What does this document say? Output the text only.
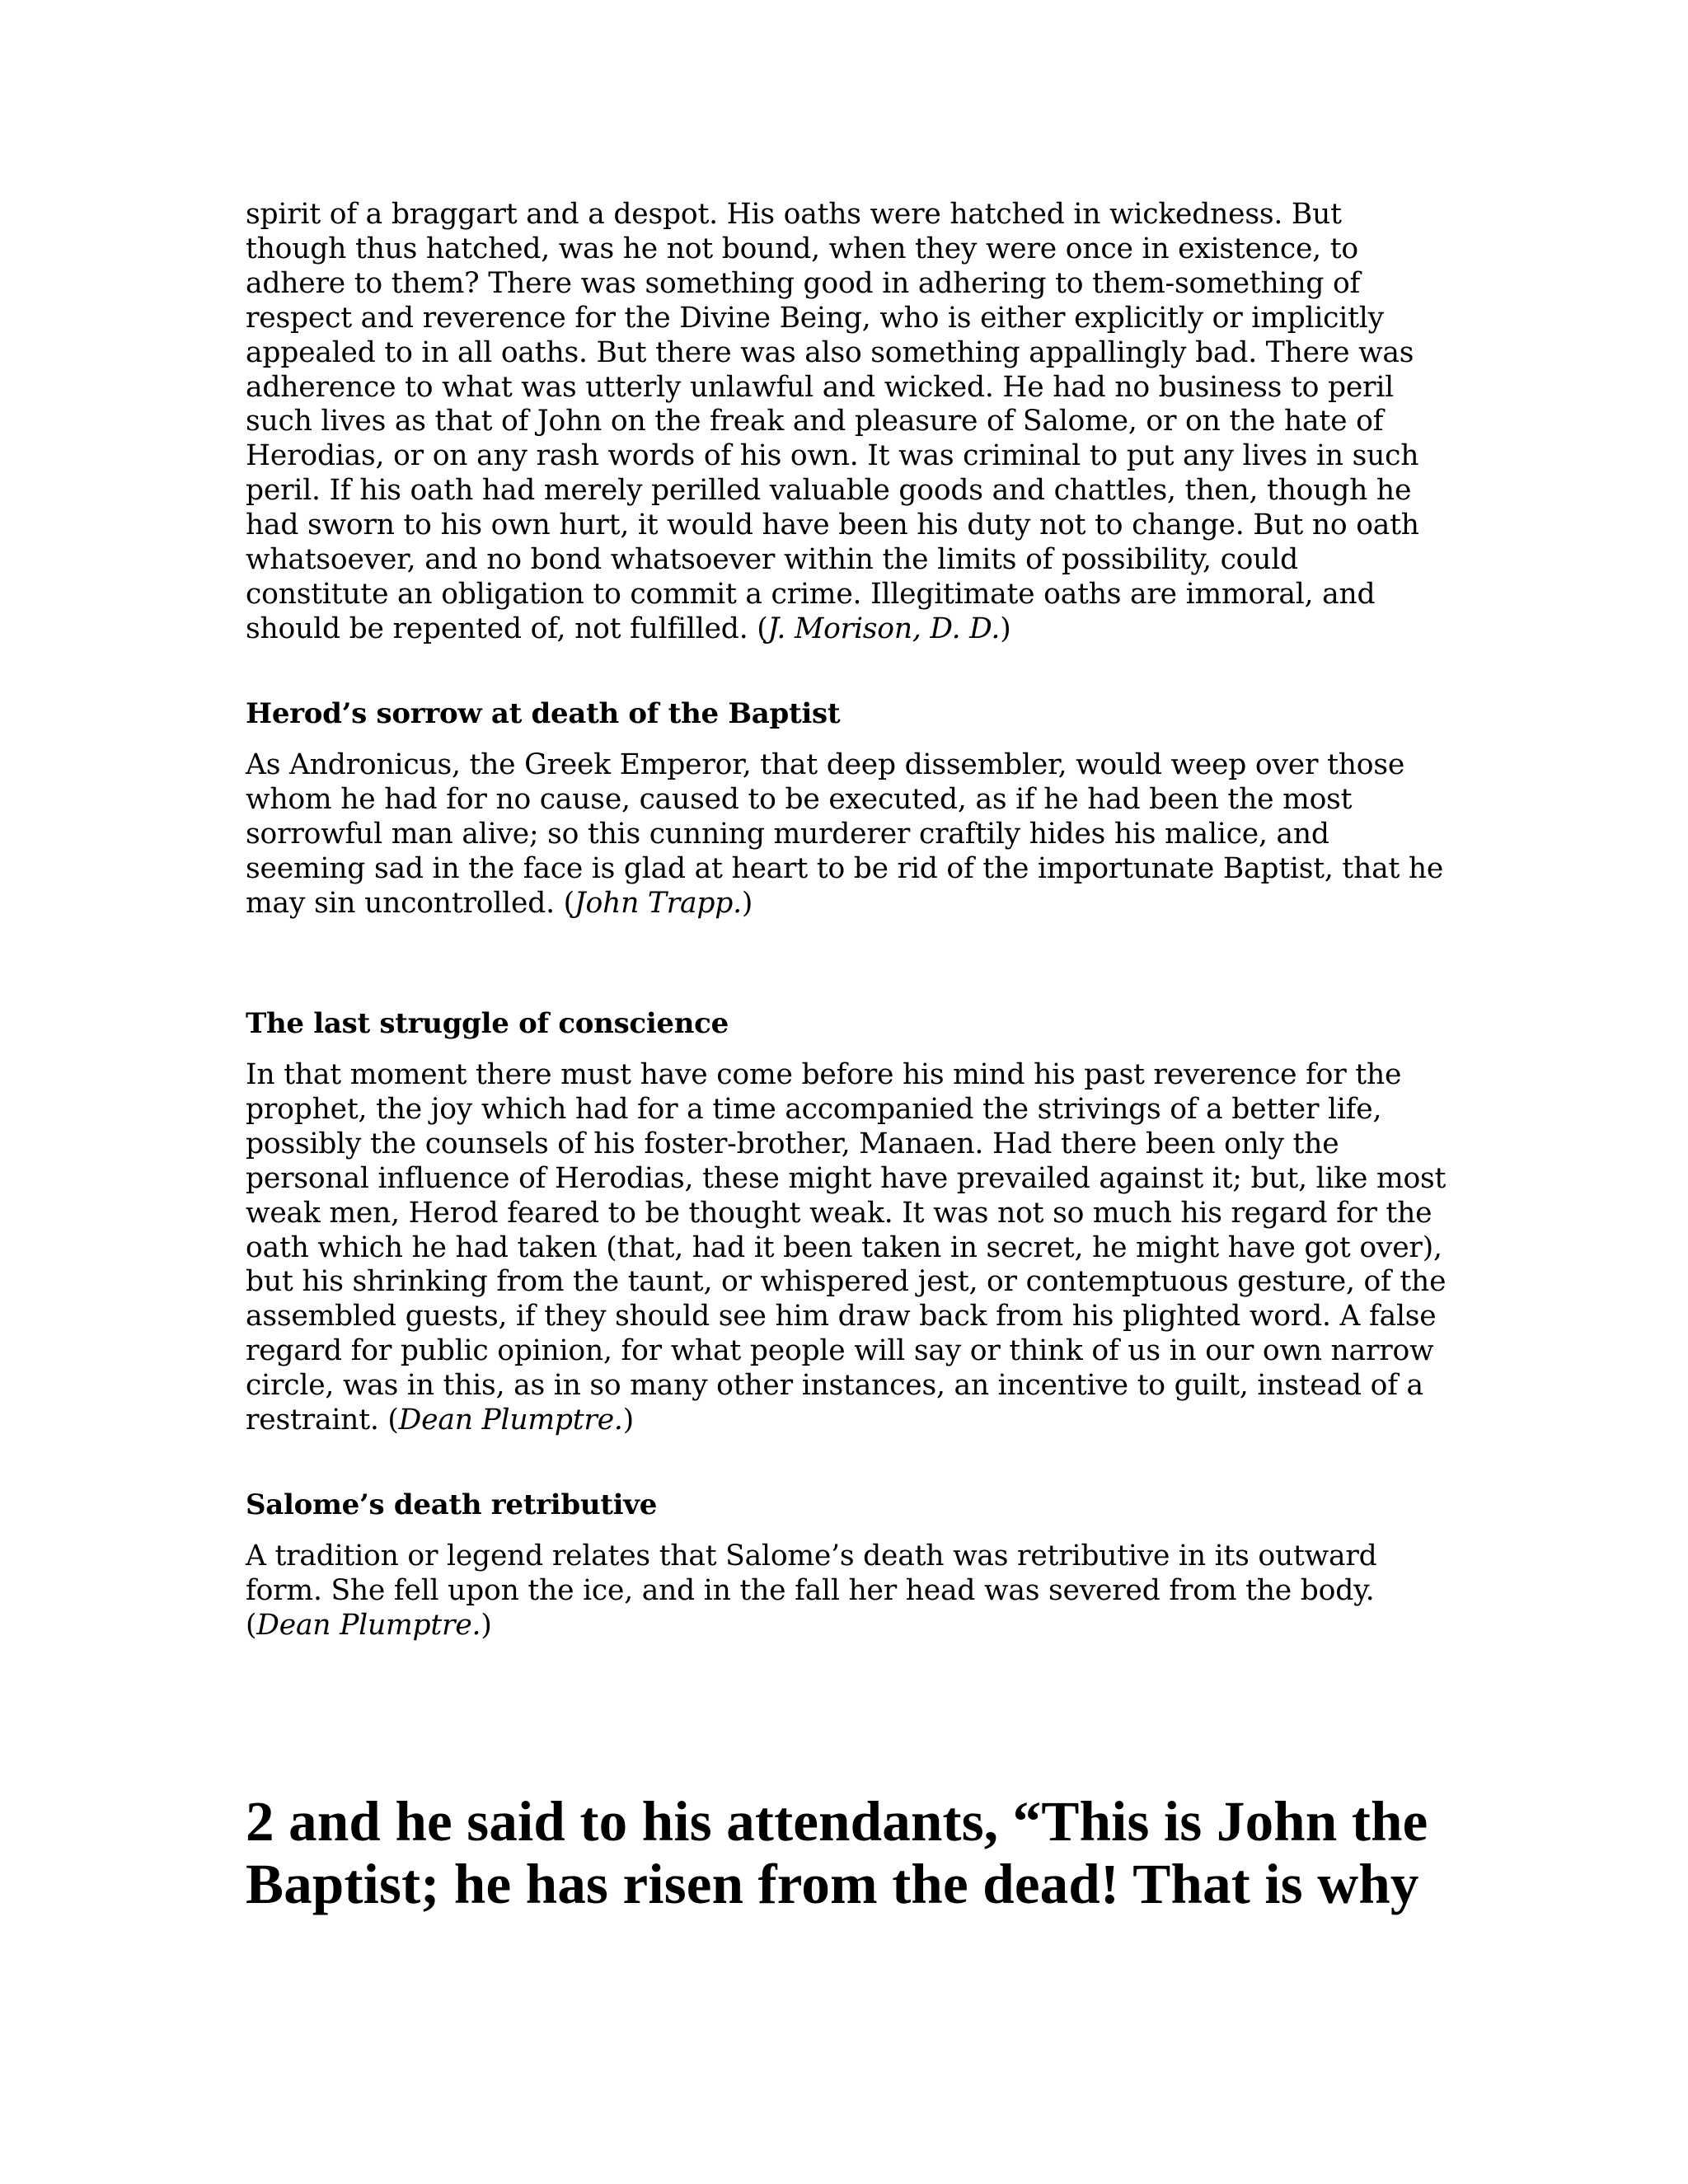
spirit of a braggart and a despot. His oaths were hatched in wickedness. But though thus hatched, was he not bound, when they were once in existence, to adhere to them? There was something good in adhering to them-something of respect and reverence for the Divine Being, who is either explicitly or implicitly appealed to in all oaths. But there was also something appallingly bad. There was adherence to what was utterly unlawful and wicked. He had no business to peril such lives as that of John on the freak and pleasure of Salome, or on the hate of Herodias, or on any rash words of his own. It was criminal to put any lives in such peril. If his oath had merely perilled valuable goods and chattles, then, though he had sworn to his own hurt, it would have been his duty not to change. But no oath whatsoever, and no bond whatsoever within the limits of possibility, could constitute an obligation to commit a crime. Illegitimate oaths are immoral, and should be repented of, not fulfilled. (J. Morison, D. D.)

Herod’s sorrow at death of the Baptist

As Andronicus, the Greek Emperor, that deep dissembler, would weep over those whom he had for no cause, caused to be executed, as if he had been the most sorrowful man alive; so this cunning murderer craftily hides his malice, and seeming sad in the face is glad at heart to be rid of the importunate Baptist, that he may sin uncontrolled. (John Trapp.)

The last struggle of conscience

In that moment there must have come before his mind his past reverence for the prophet, the joy which had for a time accompanied the strivings of a better life, possibly the counsels of his foster-brother, Manaen. Had there been only the personal influence of Herodias, these might have prevailed against it; but, like most weak men, Herod feared to be thought weak. It was not so much his regard for the oath which he had taken (that, had it been taken in secret, he might have got over), but his shrinking from the taunt, or whispered jest, or contemptuous gesture, of the assembled guests, if they should see him draw back from his plighted word. A false regard for public opinion, for what people will say or think of us in our own narrow circle, was in this, as in so many other instances, an incentive to guilt, instead of a restraint. (Dean Plumptre.)

Salome’s death retributive

A tradition or legend relates that Salome’s death was retributive in its outward form. She fell upon the ice, and in the fall her head was severed from the body. (Dean Plumptre.)

2 and he said to his attendants, “This is John the Baptist; he has risen from the dead! That is why
